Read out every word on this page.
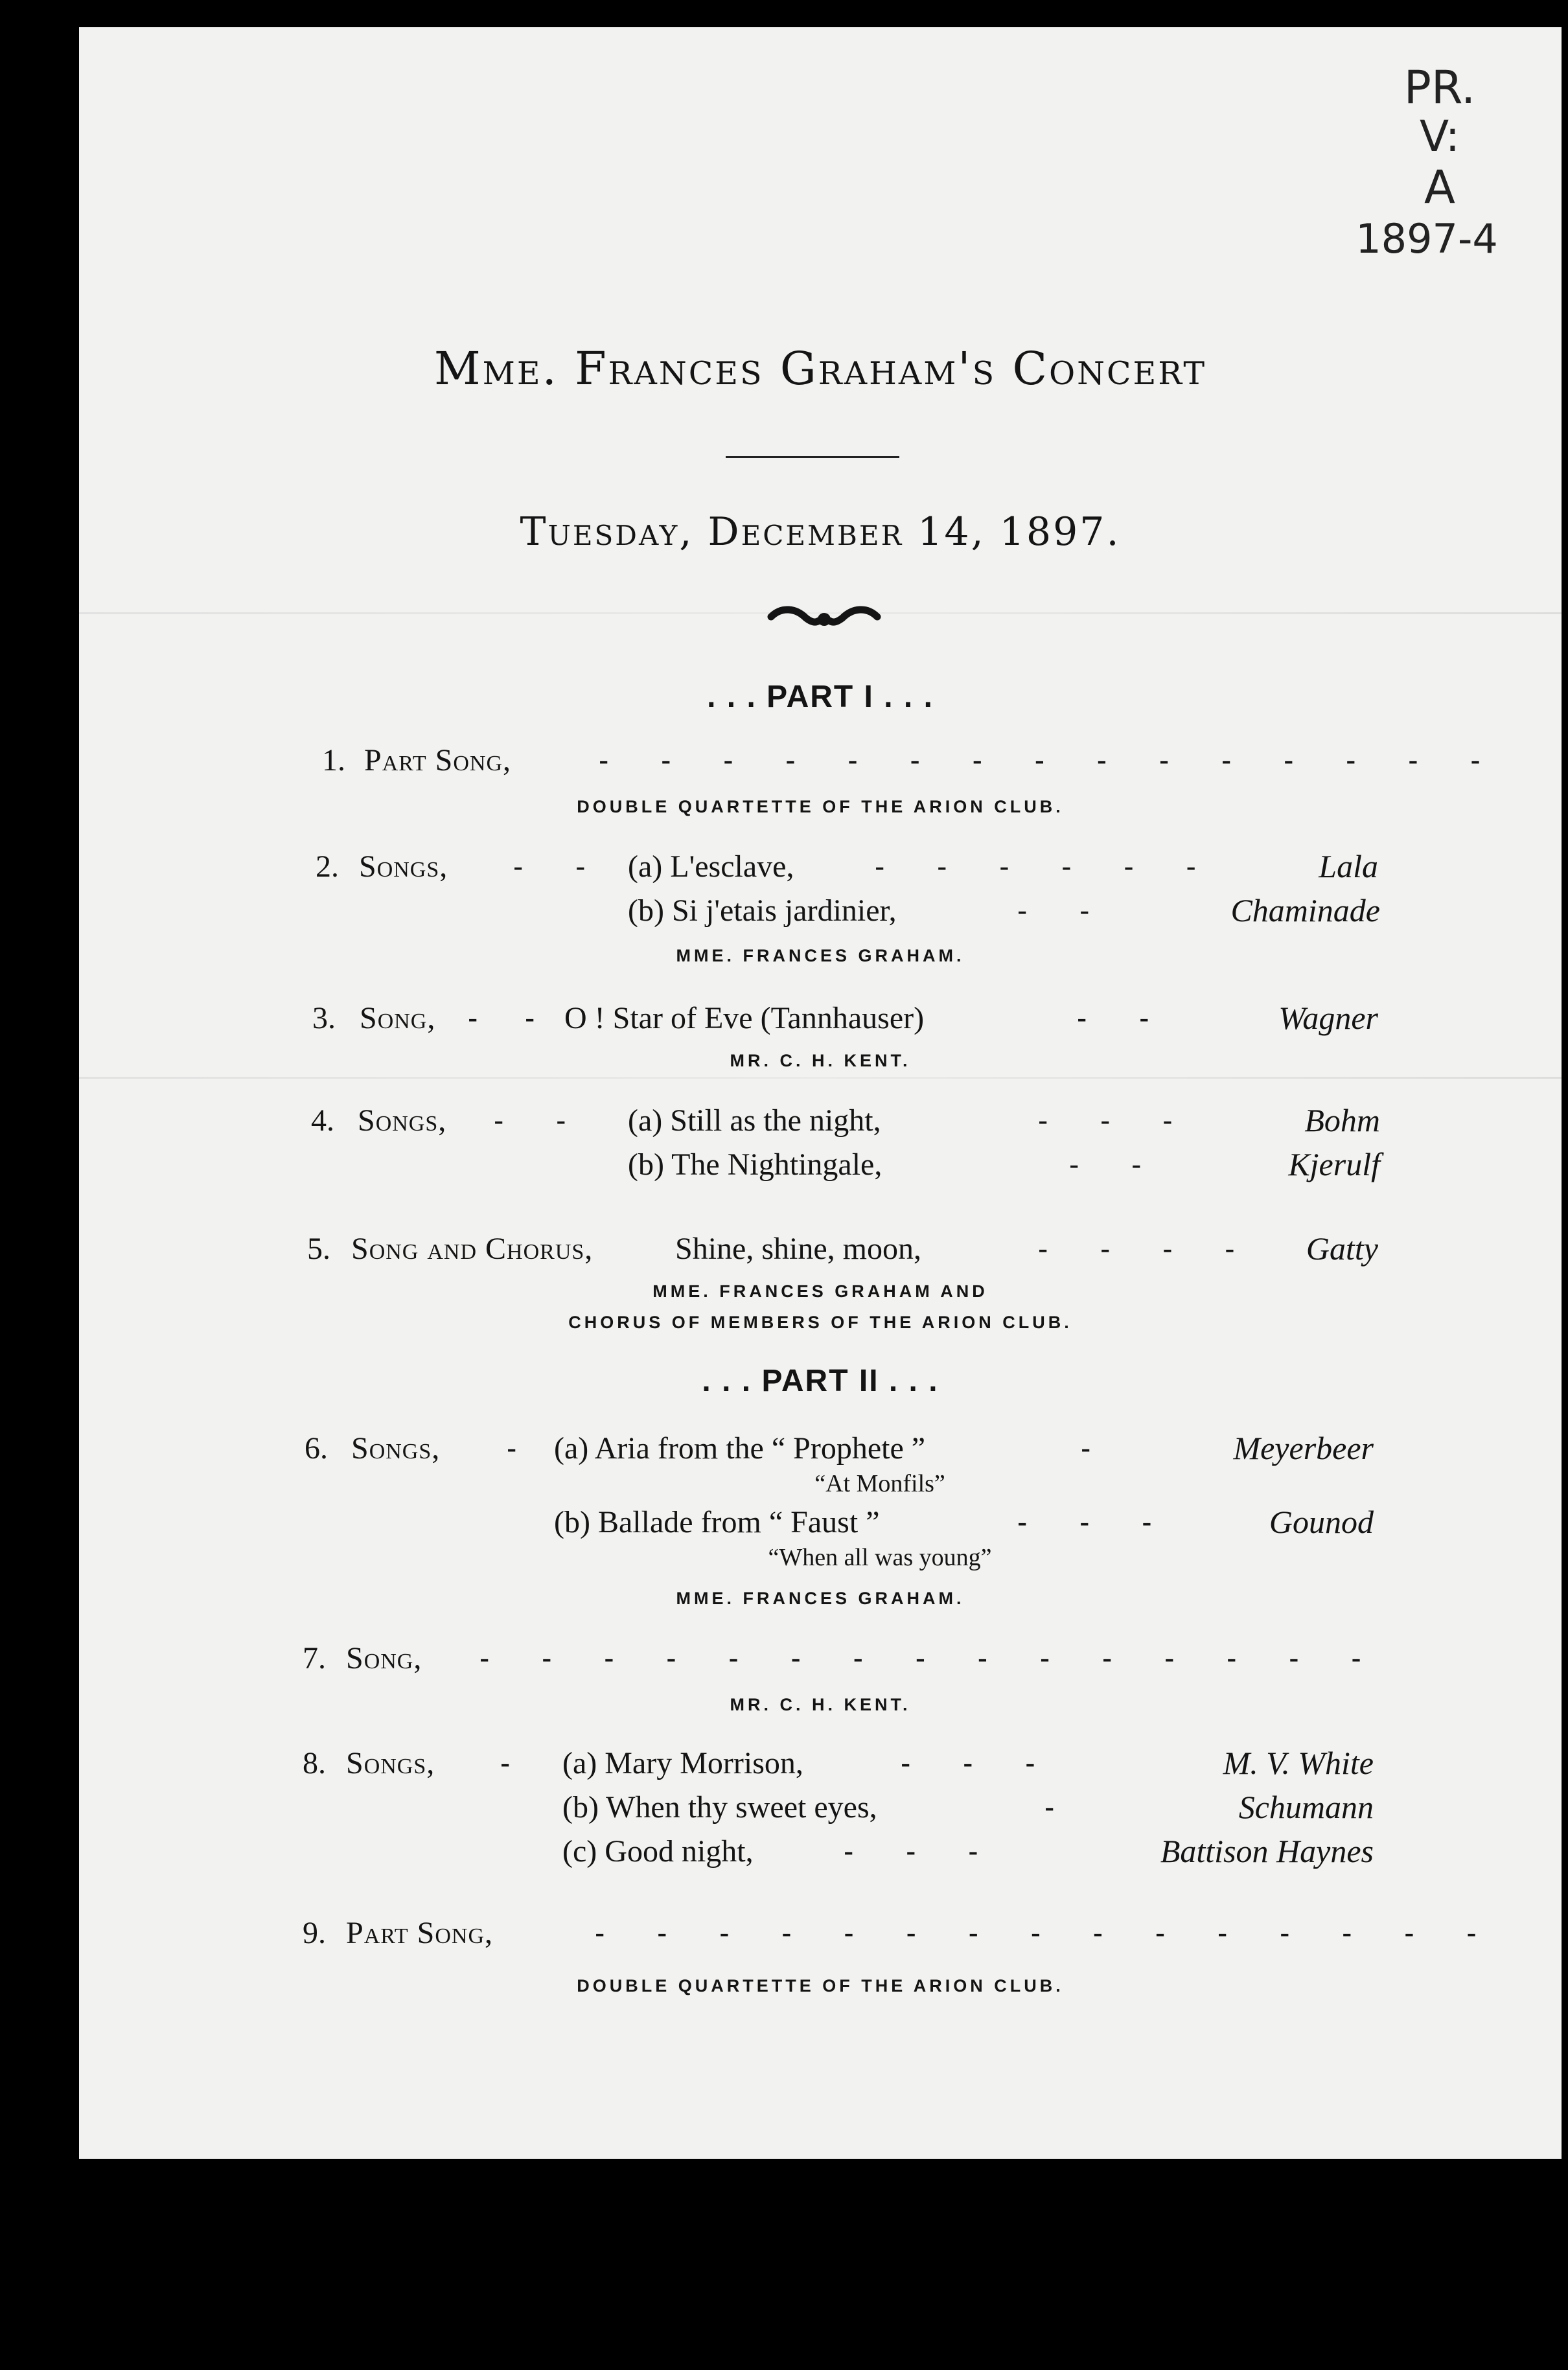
PR.
V:
A
1897-4
Mme. Frances Graham's Concert
Tuesday, December 14, 1897.
. . . PART I . . .
1. Part Song,	- - - - - - - - - - - - - - -
DOUBLE QUARTETTE OF THE ARION CLUB.
2. Songs, - - (a) L'esclave,	- - - - - -	Lala
(b) Si j'etais jardinier,	- -	Chaminade
MME. FRANCES GRAHAM.
3. Song, - - O ! Star of Eve (Tannhauser)	- -	Wagner
MR. C. H. KENT.
4. Songs, - - (a) Still as the night,	- - -	Bohm
(b) The Nightingale,	- -	Kjerulf
5. Song and Chorus,	Shine, shine, moon,	- - - - Gatty
MME. FRANCES GRAHAM AND
CHORUS OF MEMBERS OF THE ARION CLUB.
. . . PART II . . .
6. Songs, - (a) Aria from the “ Prophete ”	-	Meyerbeer
“At Monfils”
(b) Ballade from “ Faust ”	- - -	Gounod
“When all was young”
MME. FRANCES GRAHAM.
7. Song, - - - - - - - - - - - - - - -
MR. C. H. KENT.
8. Songs, - (a) Mary Morrison,	- - -	M. V. White
(b) When thy sweet eyes,	-	Schumann
(c) Good night,	- - -	Battison Haynes
9. Part Song,	- - - - - - - - - - - - - - -
DOUBLE QUARTETTE OF THE ARION CLUB.
